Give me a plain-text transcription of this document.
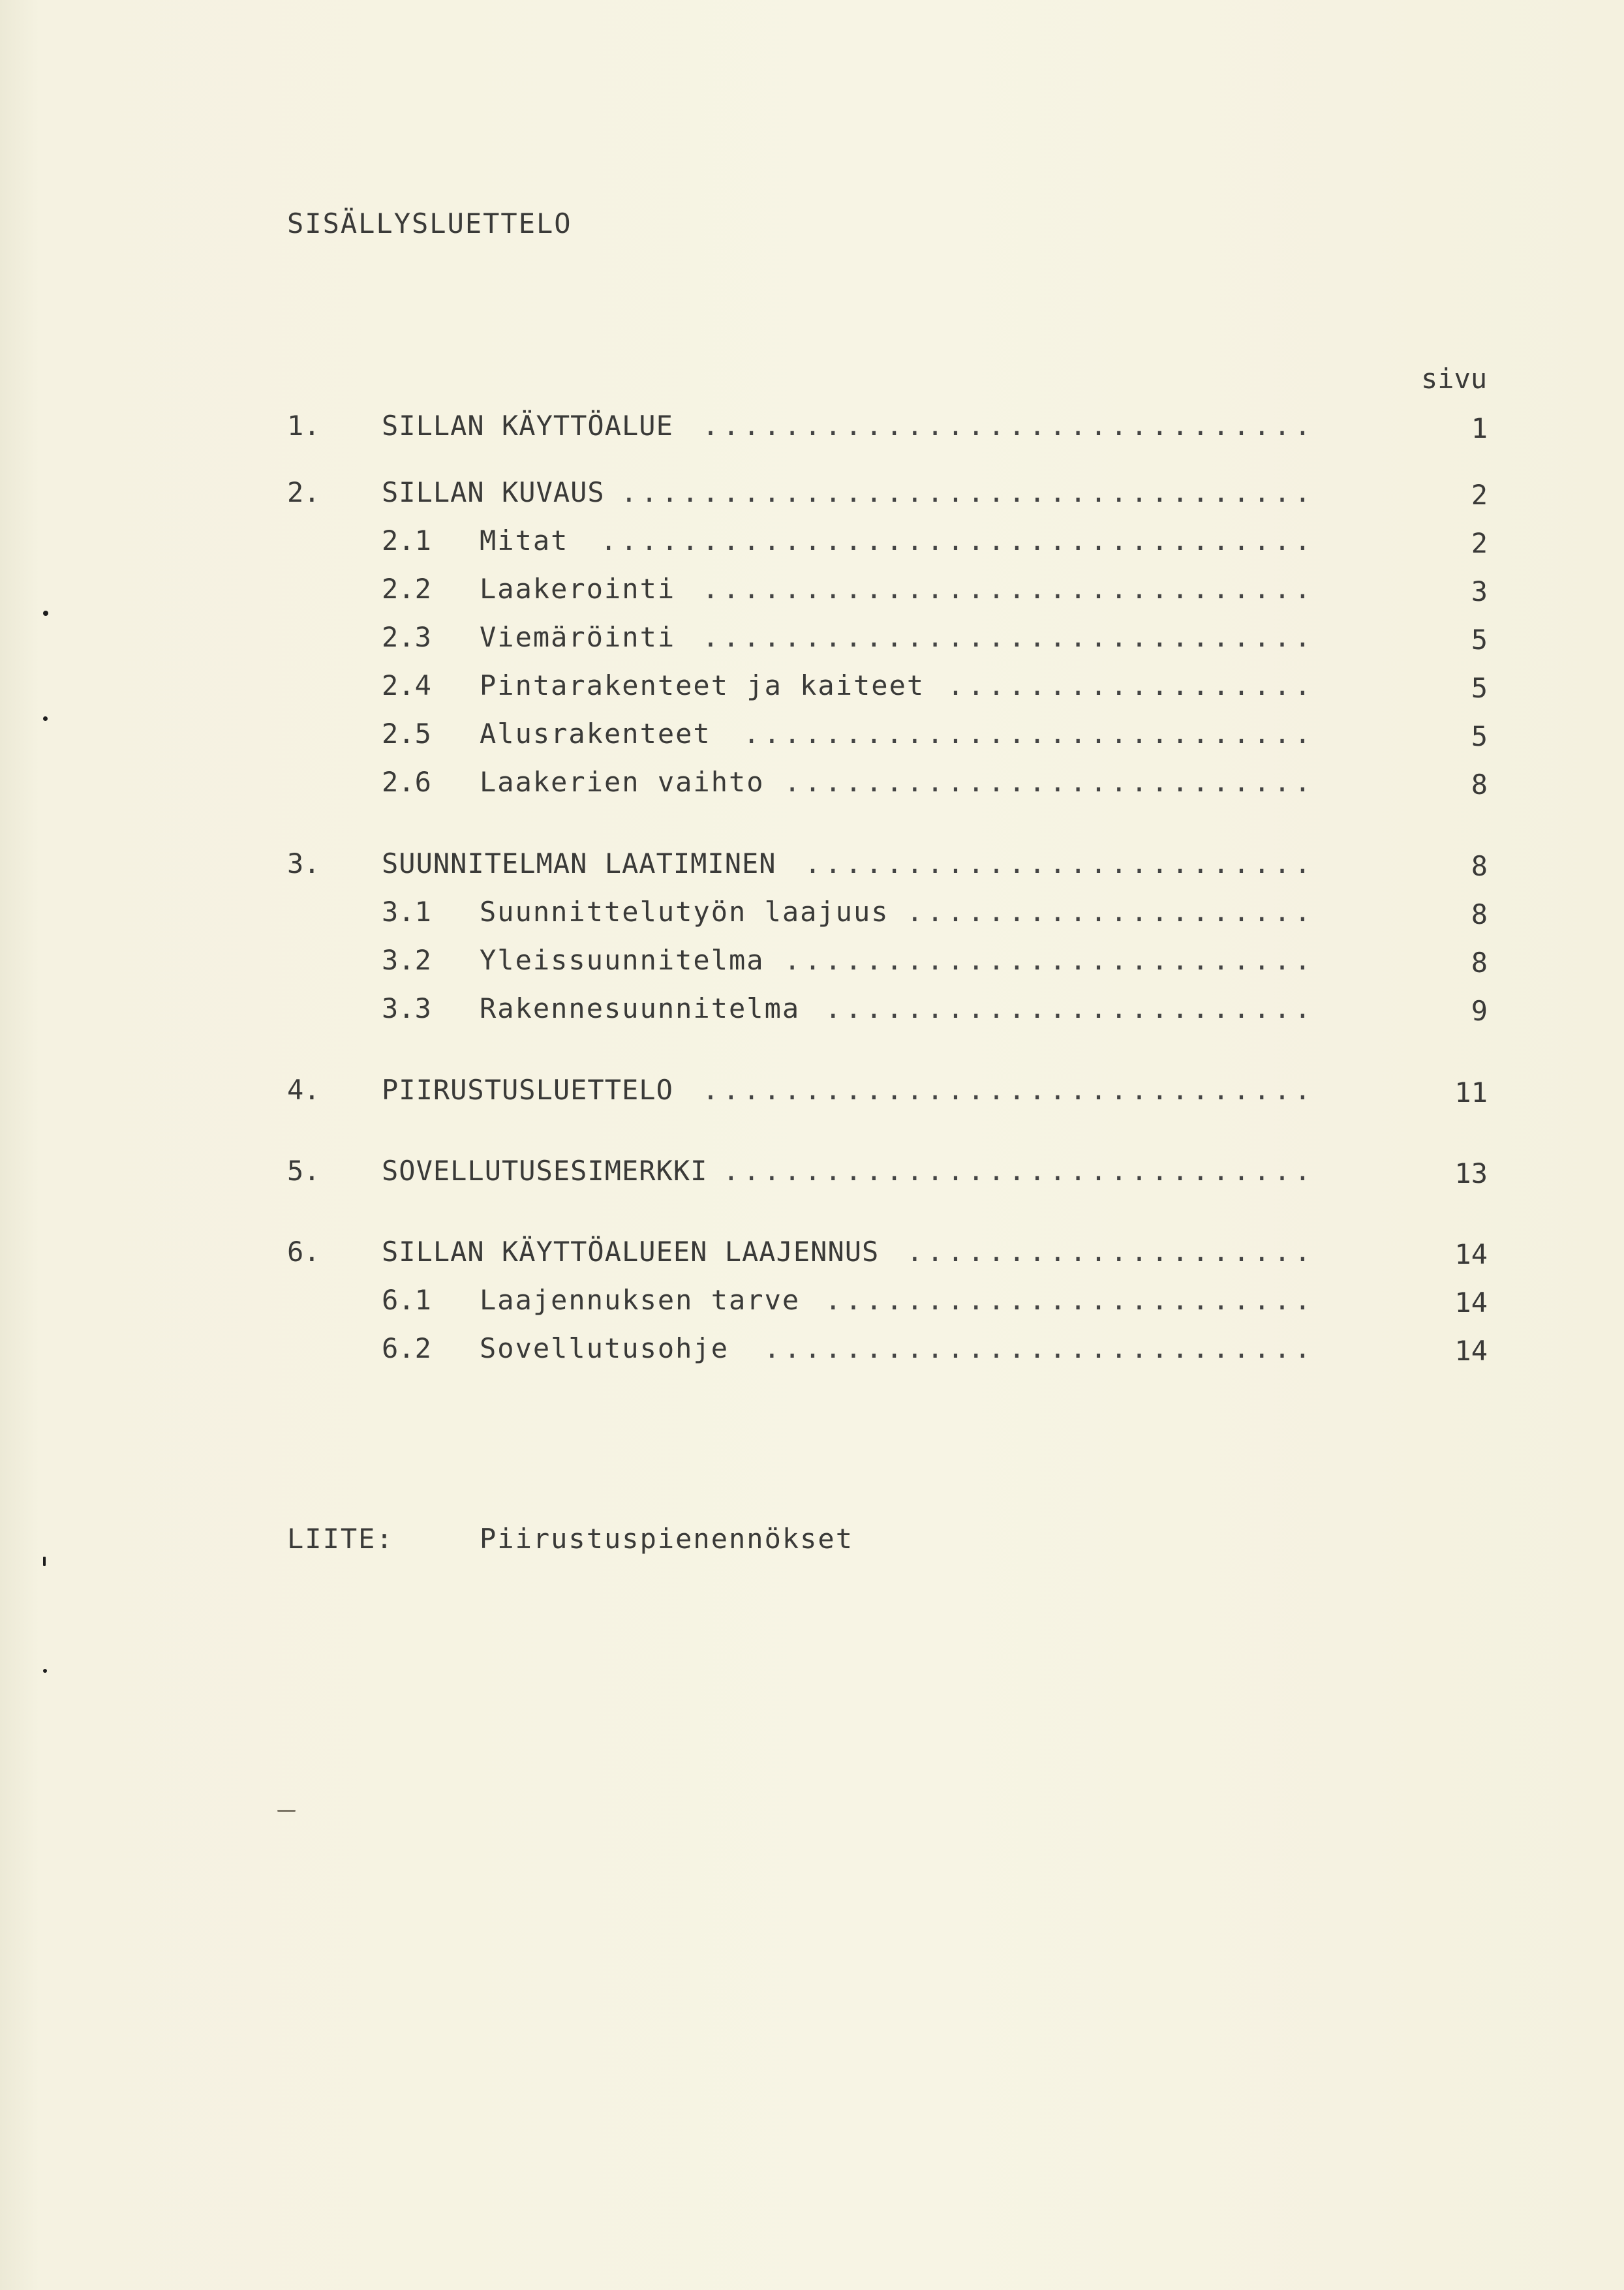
SISÄLLYSLUETTELO
sivu
1. SILLAN KÄYTTÖALUE	..............................	1
2. SILLAN KUVAUS ..................................	2
2.1 Mitat	...................................	2
2.2 Laakerointi ..............................	3
2.3 Viemäröinti ..............................	5
2.4 Pintarakenteet ja kaiteet ..................	5
2.5 Alusrakenteet	............................	5
2.6 Laakerien vaihto ..........................	8
3. SUUNNITELMAN LAATIMINEN	.........................	8
3.1 Suunnittelutyön laajuus ....................	8
3.2 Yleissuunnitelma ..........................	8
3.3 Rakennesuunnitelma ........................	9
4. PIIRUSTUSLUETTELO	..............................	11
5. SOVELLUTUSESIMERKKI .............................	13
6. SILLAN KÄYTTÖALUEEN LAAJENNUS ....................	14
6.1 Laajennuksen tarve ........................	14
6.2 Sovellutusohje	...........................	14
LIITE:	Piirustuspienennökset
